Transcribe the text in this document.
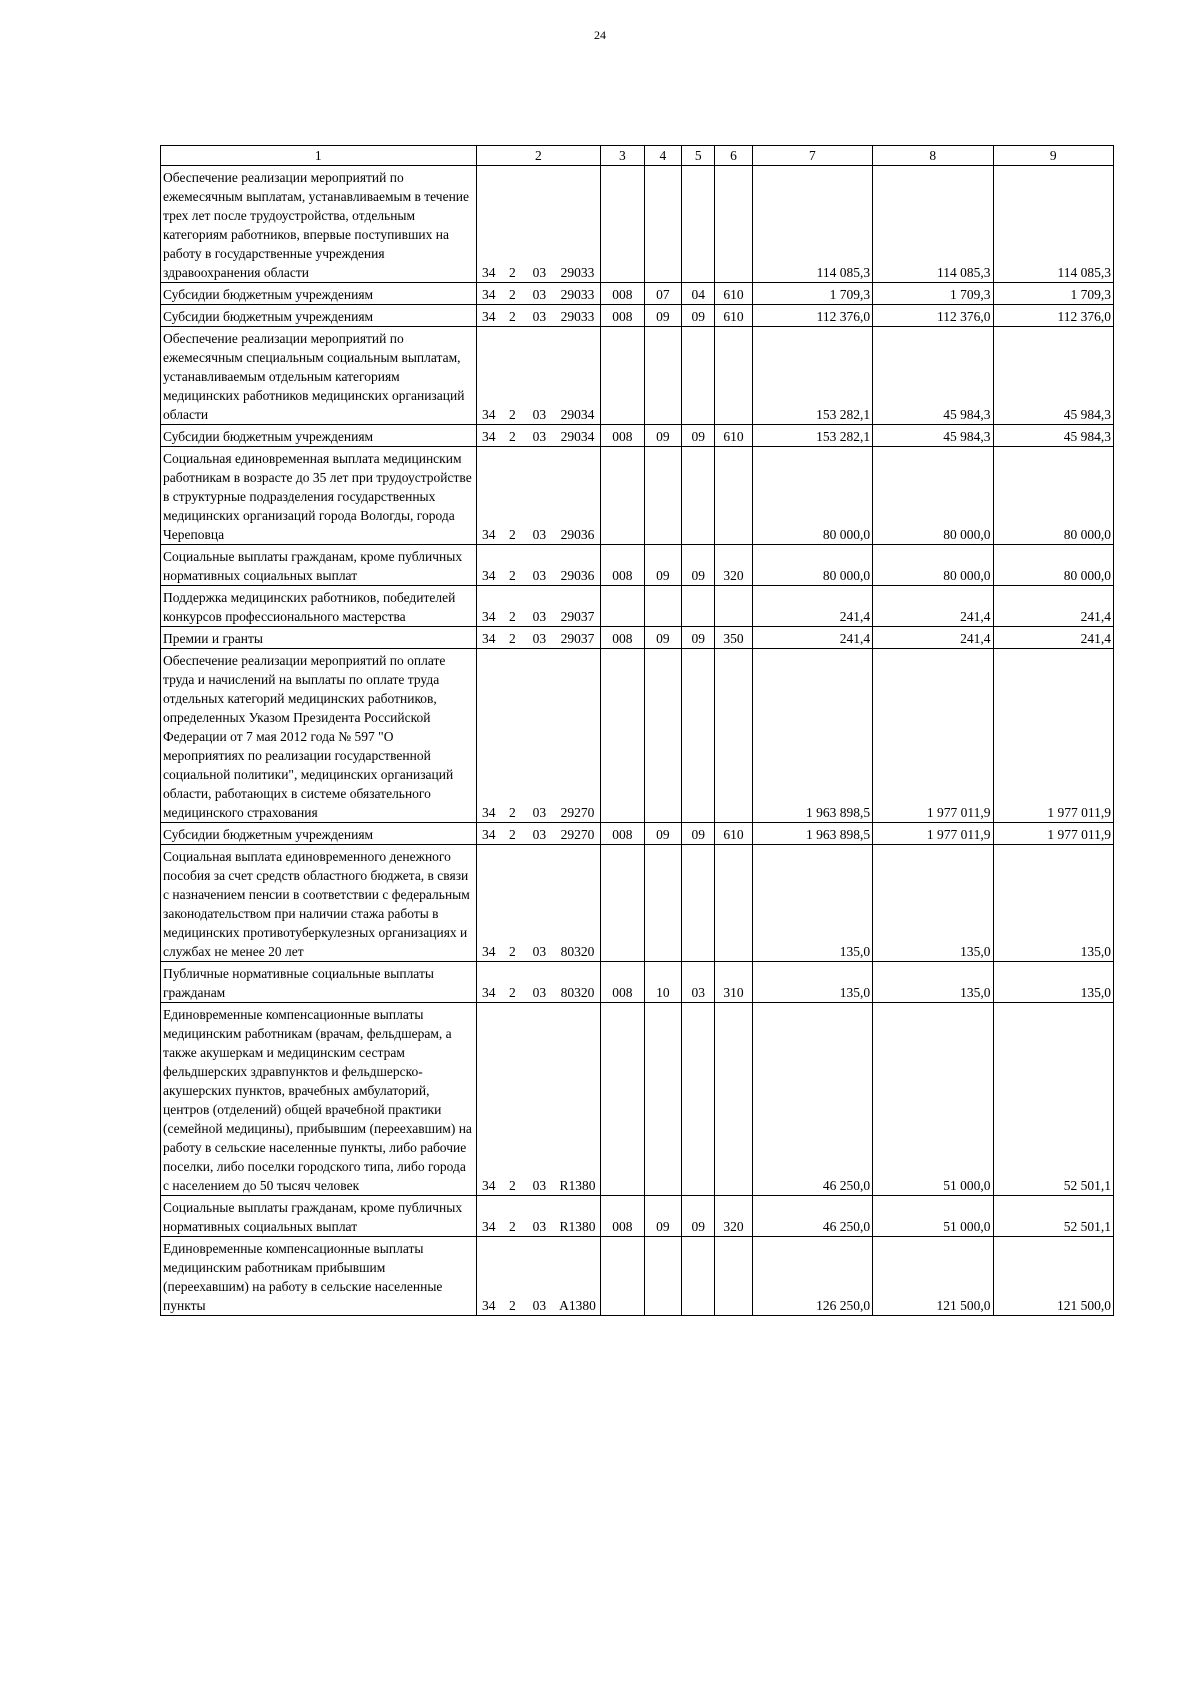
24
1	2				3	4	5	6	7	8	9
Обеспечение реализации мероприятий по ежемесячным выплатам, устанавливаемым в течение трех лет после трудоустройства, отдельным категориям работников, впервые поступивших на работу в государственные учреждения здравоохранения области	34	2	03	29033					114 085,3	114 085,3	114 085,3
Субсидии бюджетным учреждениям	34	2	03	29033	008	07	04	610	1 709,3	1 709,3	1 709,3
Субсидии бюджетным учреждениям	34	2	03	29033	008	09	09	610	112 376,0	112 376,0	112 376,0
Обеспечение реализации мероприятий по ежемесячным специальным социальным выплатам, устанавливаемым отдельным категориям медицинских работников медицинских организаций области	34	2	03	29034					153 282,1	45 984,3	45 984,3
Субсидии бюджетным учреждениям	34	2	03	29034	008	09	09	610	153 282,1	45 984,3	45 984,3
Социальная единовременная выплата медицинским работникам в возрасте до 35 лет при трудоустройстве в структурные подразделения государственных медицинских организаций города Вологды, города Череповца	34	2	03	29036					80 000,0	80 000,0	80 000,0
Социальные выплаты гражданам, кроме публичных нормативных социальных выплат	34	2	03	29036	008	09	09	320	80 000,0	80 000,0	80 000,0
Поддержка медицинских работников, победителей конкурсов профессионального мастерства	34	2	03	29037					241,4	241,4	241,4
Премии и гранты	34	2	03	29037	008	09	09	350	241,4	241,4	241,4
Обеспечение реализации мероприятий по оплате труда и начислений на выплаты по оплате труда отдельных категорий медицинских работников, определенных Указом Президента Российской Федерации от 7 мая 2012 года № 597 "О мероприятиях по реализации государственной социальной политики", медицинских организаций области, работающих в системе обязательного медицинского страхования	34	2	03	29270					1 963 898,5	1 977 011,9	1 977 011,9
Субсидии бюджетным учреждениям	34	2	03	29270	008	09	09	610	1 963 898,5	1 977 011,9	1 977 011,9
Социальная выплата единовременного денежного пособия за счет средств областного бюджета, в связи с назначением пенсии в соответствии с федеральным законодательством при наличии стажа работы в медицинских противотуберкулезных организациях и службах не менее 20 лет	34	2	03	80320					135,0	135,0	135,0
Публичные нормативные социальные выплаты гражданам	34	2	03	80320	008	10	03	310	135,0	135,0	135,0
Единовременные компенсационные выплаты медицинским работникам (врачам, фельдшерам, а также акушеркам и медицинским сестрам фельдшерских здравпунктов и фельдшерско-акушерских пунктов, врачебных амбулаторий, центров (отделений) общей врачебной практики (семейной медицины), прибывшим (переехавшим) на работу в сельские населенные пункты, либо рабочие поселки, либо поселки городского типа, либо города с населением до 50 тысяч человек	34	2	03	R1380					46 250,0	51 000,0	52 501,1
Социальные выплаты гражданам, кроме публичных нормативных социальных выплат	34	2	03	R1380	008	09	09	320	46 250,0	51 000,0	52 501,1
Единовременные компенсационные выплаты медицинским работникам прибывшим (переехавшим) на работу в сельские населенные пункты	34	2	03	A1380					126 250,0	121 500,0	121 500,0
